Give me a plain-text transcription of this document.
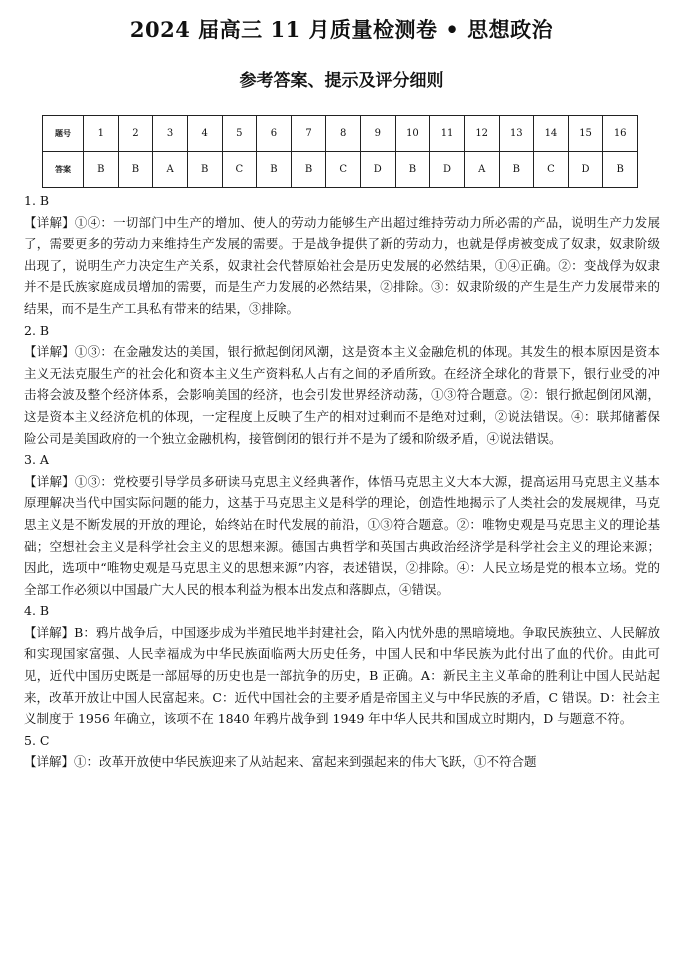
2024 届高三 11 月质量检测卷 • 思想政治
参考答案、提示及评分细则
题号	1	2	3	4	5	6	7	8	9	10	11	12	13	14	15	16
答案	B	B	A	B	C	B	B	C	D	B	D	A	B	C	D	B
1. B
【详解】①④：一切部门中生产的增加、使人的劳动力能够生产出超过维持劳动力所必需的产品，说明生产力发展了，需要更多的劳动力来维持生产发展的需要。于是战争提供了新的劳动力，也就是俘虏被变成了奴隶，奴隶阶级出现了，说明生产力决定生产关系，奴隶社会代替原始社会是历史发展的必然结果，①④正确。②：变战俘为奴隶并不是氏族家庭成员增加的需要，而是生产力发展的必然结果，②排除。③：奴隶阶级的产生是生产力发展带来的结果，而不是生产工具私有带来的结果，③排除。
2. B
【详解】①③：在金融发达的美国，银行掀起倒闭风潮，这是资本主义金融危机的体现。其发生的根本原因是资本主义无法克服生产的社会化和资本主义生产资料私人占有之间的矛盾所致。在经济全球化的背景下，银行业受的冲击将会波及整个经济体系，会影响美国的经济，也会引发世界经济动荡，①③符合题意。②：银行掀起倒闭风潮，这是资本主义经济危机的体现，一定程度上反映了生产的相对过剩而不是绝对过剩，②说法错误。④：联邦储蓄保险公司是美国政府的一个独立金融机构，接管倒闭的银行并不是为了缓和阶级矛盾，④说法错误。
3. A
【详解】①③：党校要引导学员多研读马克思主义经典著作，体悟马克思主义大本大源，提高运用马克思主义基本原理解决当代中国实际问题的能力，这基于马克思主义是科学的理论，创造性地揭示了人类社会的发展规律，马克思主义是不断发展的开放的理论，始终站在时代发展的前沿，①③符合题意。②：唯物史观是马克思主义的理论基础；空想社会主义是科学社会主义的思想来源。德国古典哲学和英国古典政治经济学是科学社会主义的理论来源；因此，选项中“唯物史观是马克思主义的思想来源”内容，表述错误，②排除。④：人民立场是党的根本立场。党的全部工作必须以中国最广大人民的根本利益为根本出发点和落脚点，④错误。
4. B
【详解】B：鸦片战争后，中国逐步成为半殖民地半封建社会，陷入内忧外患的黑暗境地。争取民族独立、人民解放和实现国家富强、人民幸福成为中华民族面临两大历史任务，中国人民和中华民族为此付出了血的代价。由此可见，近代中国历史既是一部屈辱的历史也是一部抗争的历史，B 正确。A：新民主主义革命的胜利让中国人民站起来，改革开放让中国人民富起来。C：近代中国社会的主要矛盾是帝国主义与中华民族的矛盾，C 错误。D：社会主义制度于 1956 年确立，该项不在 1840 年鸦片战争到 1949 年中华人民共和国成立时期内，D 与题意不符。
5. C
【详解】①：改革开放使中华民族迎来了从站起来、富起来到强起来的伟大飞跃，①不符合题
